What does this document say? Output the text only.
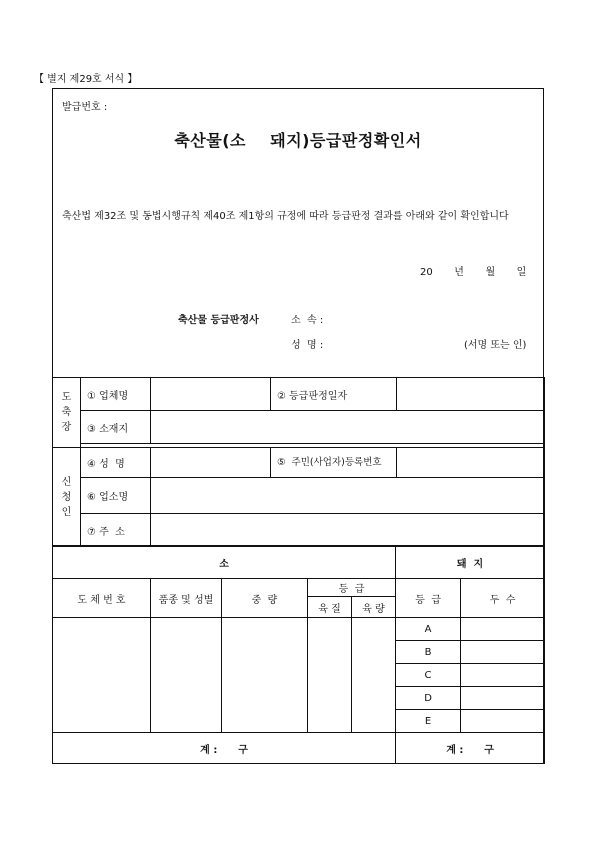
【 별지 제29호 서식 】
발급번호 :
축산물(소    돼지)등급판정확인서
축산법 제32조 및 동법시행규칙 제40조 제1항의 규정에 따라 등급판정 결과를 아래와 같이 확인합니다
20   년   월   일
축산물 등급판정사	소  속 :
성  명 :	(서명 또는 인)
도
축
장	① 업체명		② 등급판정일자	
	③ 소재지			

신
청
인	④ 성  명		⑤  주민(사업자)등록번호	
	⑥ 업소명			
	⑦ 주  소			
소					돼  지	
도 체 번 호	품종 및 성별	중  량	등  급		등  급	두  수
			육 질	육 량		
					A	
					B	
					C	
					D	
					E	
계 :      구					계 :      구	
